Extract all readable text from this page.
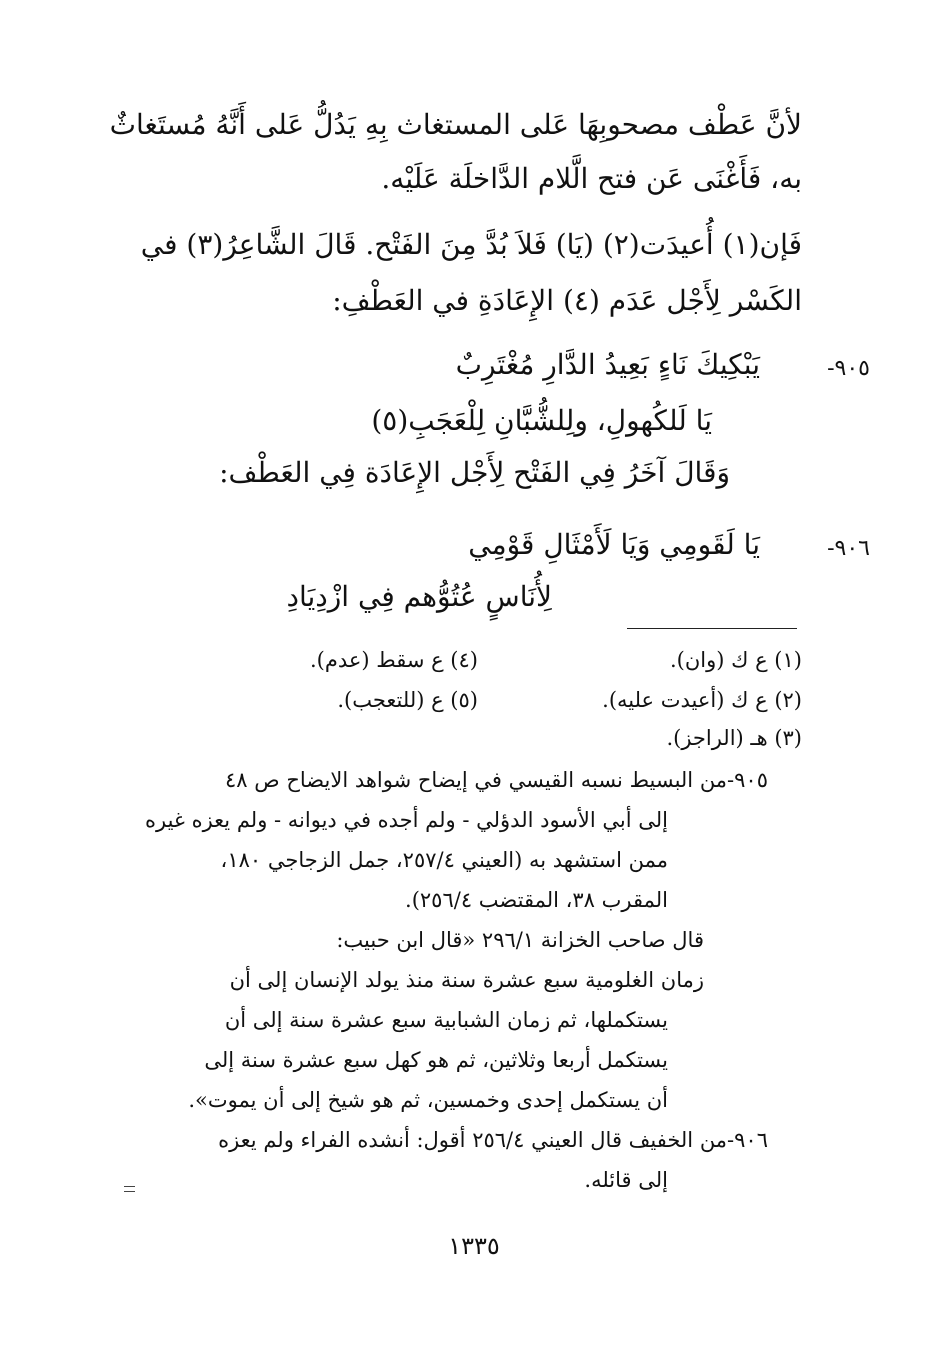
لأنَّ عَطْف مصحوبِهَا عَلى المستغاث بِهِ يَدُلُّ عَلى أَنَّهُ مُستَغاثٌ
به، فَأَغْنَى عَن فتح الَّلام الدَّاخلَة عَلَيْه.
فَإن(١) أُعيدَت(٢) (يَا) فَلاَ بُدَّ مِنَ الفَتْح. قَالَ الشَّاعِرُ(٣) في
الكَسْر لِأَجْل عَدَم (٤) الإِعَادَةِ في العَطْفِ:
٩٠٥-
يَبْكِيكَ نَاءٍ بَعِيدُ الدَّارِ مُغْتَرِبٌ
يَا لَلكُهولِ، ولِلشُّبَّانِ لِلْعَجَبِ(٥)
وَقَالَ آخَرُ فِي الفَتْح لِأَجْل الإِعَادَة فِي العَطْف:
٩٠٦-
يَا لَقَومِي وَيَا لَأَمْثَالِ قَوْمِي
لِأُنَاسٍ عُتُوُّهم فِي ازْدِيَادِ
(١) ع ك (وان).
(٤) ع سقط (عدم).
(٢) ع ك (أعيدت عليه).
(٥) ع (للتعجب).
(٣) هـ (الراجز).
٩٠٥-من البسيط نسبه القيسي في إيضاح شواهد الايضاح ص ٤٨
إلى أبي الأسود الدؤلي - ولم أجده في ديوانه - ولم يعزه غيره
ممن استشهد به (العيني ٢٥٧/٤، جمل الزجاجي ١٨٠،
المقرب ٣٨، المقتضب ٢٥٦/٤).
قال صاحب الخزانة ٢٩٦/١ «قال ابن حبيب:
زمان الغلومية سبع عشرة سنة منذ يولد الإنسان إلى أن
يستكملها، ثم زمان الشبابية سبع عشرة سنة إلى أن
يستكمل أربعا وثلاثين، ثم هو كهل سبع عشرة سنة إلى
أن يستكمل إحدى وخمسين، ثم هو شيخ إلى أن يموت».
٩٠٦-من الخفيف قال العيني ٢٥٦/٤ أقول: أنشده الفراء ولم يعزه
إلى قائله.
١٣٣٥
